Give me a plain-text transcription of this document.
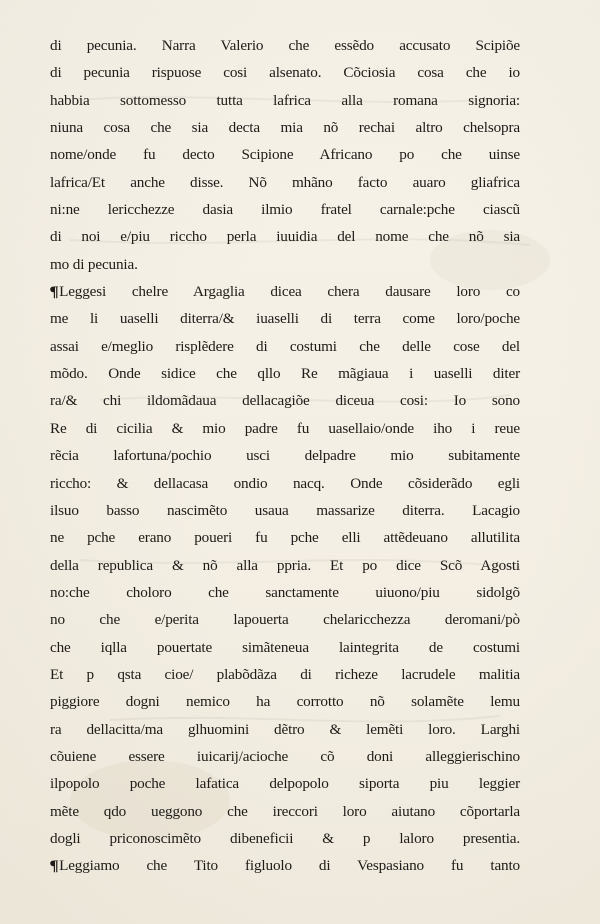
di pecunia. Narra Valerio che essẽdo accusato Scipiõe
di pecunia rispuose cosi alsenato. Cõciosia cosa che io
habbia sottomesso tutta lafrica alla romana signoria:
niuna cosa che sia decta mia nõ rechai altro chelsopra
nome/onde fu decto Scipione Africano po che uinse
lafrica/Et anche disse. Nõ mhãno facto auaro gliafrica
ni:ne lericchezze dasia ilmio fratel carnale:pche ciascũ
di noi e/piu riccho perla iuuidia del nome che nõ sia
mo di pecunia.
¶Leggesi chelre Argaglia dicea chera dausare loro co
me li uaselli diterra/& iuaselli di terra come loro/poche
assai e/meglio risplẽdere di costumi che delle cose del
mõdo. Onde sidice che qllo Re mãgiaua i uaselli diter
ra/& chi ildomãdaua dellacagiõe diceua cosi: Io sono
Re di cicilia & mio padre fu uasellaio/onde iho i reue
rẽcia lafortuna/pochio usci delpadre mio subitamente
riccho: & dellacasa ondio nacq. Onde cõsiderãdo egli
ilsuo basso nascimẽto usaua massarize diterra. Lacagio
ne pche erano poueri fu pche elli attẽdeuano allutilita
della republica & nõ alla ppria. Et po dice Scõ Agosti
no:che choloro che sanctamente uiuono/piu sidolgõ
no che e/perita lapouerta chelaricchezza deromani/pò
che iqlla pouertate simãteneua laintegrita de costumi
Et p qsta cioe/ plabõdãza di richeze lacrudele malitia
piggiore dogni nemico ha corrotto nõ solamẽte lemu
ra dellacitta/ma glhuomini dẽtro & lemẽti loro. Larghi
cõuiene essere iuicarij/acioche cõ doni alleggierischino
ilpopolo poche lafatica delpopolo siporta piu leggier
mẽte qdo ueggono che ireccori loro aiutano cõportarla
dogli priconoscimẽto dibeneficii & p laloro presentia.
¶Leggiamo che Tito figluolo di Vespasiano fu tanto
